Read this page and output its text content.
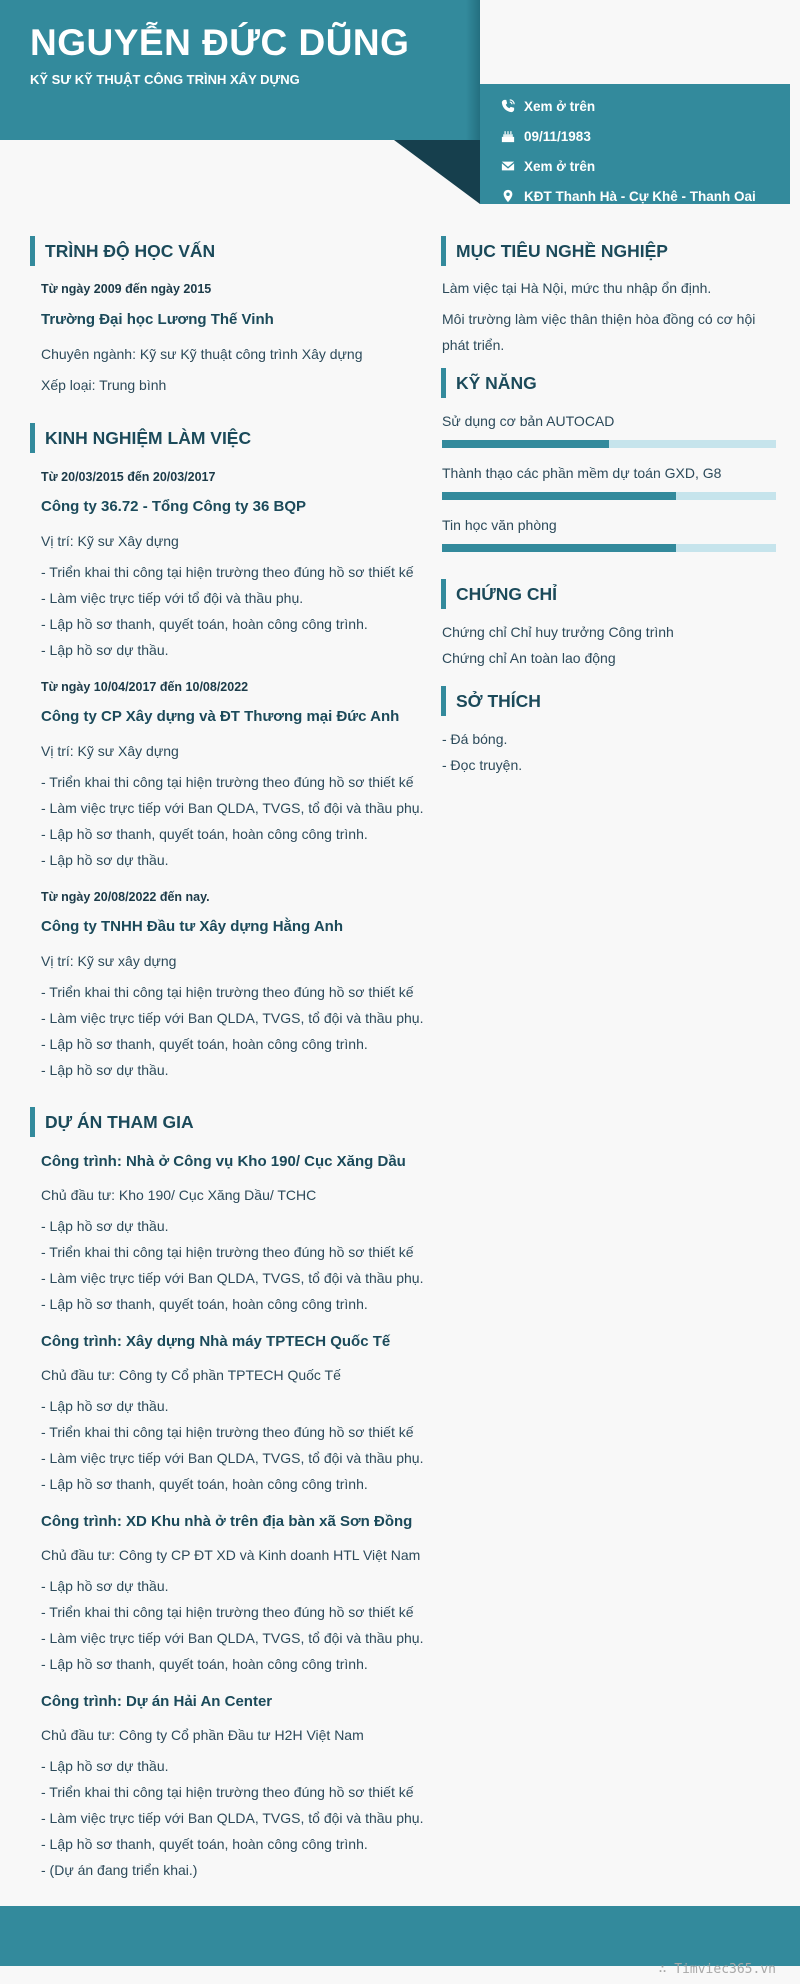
NGUYỄN ĐỨC DŨNG
KỸ SƯ KỸ THUẬT CÔNG TRÌNH XÂY DỰNG
Xem ở trên
09/11/1983
Xem ở trên
KĐT Thanh Hà - Cự Khê - Thanh Oai
TRÌNH ĐỘ HỌC VẤN
Từ ngày 2009 đến ngày 2015
Trường Đại học Lương Thế Vinh
Chuyên ngành: Kỹ sư Kỹ thuật công trình Xây dựng
Xếp loại: Trung bình
KINH NGHIỆM LÀM VIỆC
Từ 20/03/2015 đến 20/03/2017
Công ty 36.72 - Tổng Công ty 36 BQP
Vị trí: Kỹ sư Xây dựng
- Triển khai thi công tại hiện trường theo đúng hồ sơ thiết kế
- Làm việc trực tiếp với tổ đội và thầu phụ.
- Lập hồ sơ thanh, quyết toán, hoàn công công trình.
- Lập hồ sơ dự thầu.
Từ ngày 10/04/2017 đến 10/08/2022
Công ty CP Xây dựng và ĐT Thương mại Đức Anh
Vị trí: Kỹ sư Xây dựng
- Triển khai thi công tại hiện trường theo đúng hồ sơ thiết kế
- Làm việc trực tiếp với Ban QLDA, TVGS, tổ đội và thầu phụ.
- Lập hồ sơ thanh, quyết toán, hoàn công công trình.
- Lập hồ sơ dự thầu.
Từ ngày 20/08/2022 đến nay.
Công ty TNHH Đầu tư Xây dựng Hằng Anh
Vị trí: Kỹ sư xây dựng
- Triển khai thi công tại hiện trường theo đúng hồ sơ thiết kế
- Làm việc trực tiếp với Ban QLDA, TVGS, tổ đội và thầu phụ.
- Lập hồ sơ thanh, quyết toán, hoàn công công trình.
- Lập hồ sơ dự thầu.
DỰ ÁN THAM GIA
Công trình: Nhà ở Công vụ Kho 190/ Cục Xăng Dầu
Chủ đầu tư: Kho 190/ Cục Xăng Dầu/ TCHC
- Lập hồ sơ dự thầu.
- Triển khai thi công tại hiện trường theo đúng hồ sơ thiết kế
- Làm việc trực tiếp với Ban QLDA, TVGS, tổ đội và thầu phụ.
- Lập hồ sơ thanh, quyết toán, hoàn công công trình.
Công trình: Xây dựng Nhà máy TPTECH Quốc Tế
Chủ đầu tư: Công ty Cổ phần TPTECH Quốc Tế
- Lập hồ sơ dự thầu.
- Triển khai thi công tại hiện trường theo đúng hồ sơ thiết kế
- Làm việc trực tiếp với Ban QLDA, TVGS, tổ đội và thầu phụ.
- Lập hồ sơ thanh, quyết toán, hoàn công công trình.
Công trình: XD Khu nhà ở trên địa bàn xã Sơn Đồng
Chủ đầu tư: Công ty CP ĐT XD và Kinh doanh HTL Việt Nam
- Lập hồ sơ dự thầu.
- Triển khai thi công tại hiện trường theo đúng hồ sơ thiết kế
- Làm việc trực tiếp với Ban QLDA, TVGS, tổ đội và thầu phụ.
- Lập hồ sơ thanh, quyết toán, hoàn công công trình.
Công trình: Dự án Hải An Center
Chủ đầu tư: Công ty Cổ phần Đầu tư H2H Việt Nam
- Lập hồ sơ dự thầu.
- Triển khai thi công tại hiện trường theo đúng hồ sơ thiết kế
- Làm việc trực tiếp với Ban QLDA, TVGS, tổ đội và thầu phụ.
- Lập hồ sơ thanh, quyết toán, hoàn công công trình.
- (Dự án đang triển khai.)
MỤC TIÊU NGHỀ NGHIỆP
Làm việc tại Hà Nội, mức thu nhập ổn định.
Môi trường làm việc thân thiện hòa đồng có cơ hội phát triển.
KỸ NĂNG
Sử dụng cơ bản AUTOCAD
Thành thạo các phần mềm dự toán GXD, G8
Tin học văn phòng
CHỨNG CHỈ
Chứng chỉ Chỉ huy trưởng Công trình
Chứng chỉ An toàn lao động
SỞ THÍCH
- Đá bóng.
- Đọc truyện.
∴ Timviec365.vn
